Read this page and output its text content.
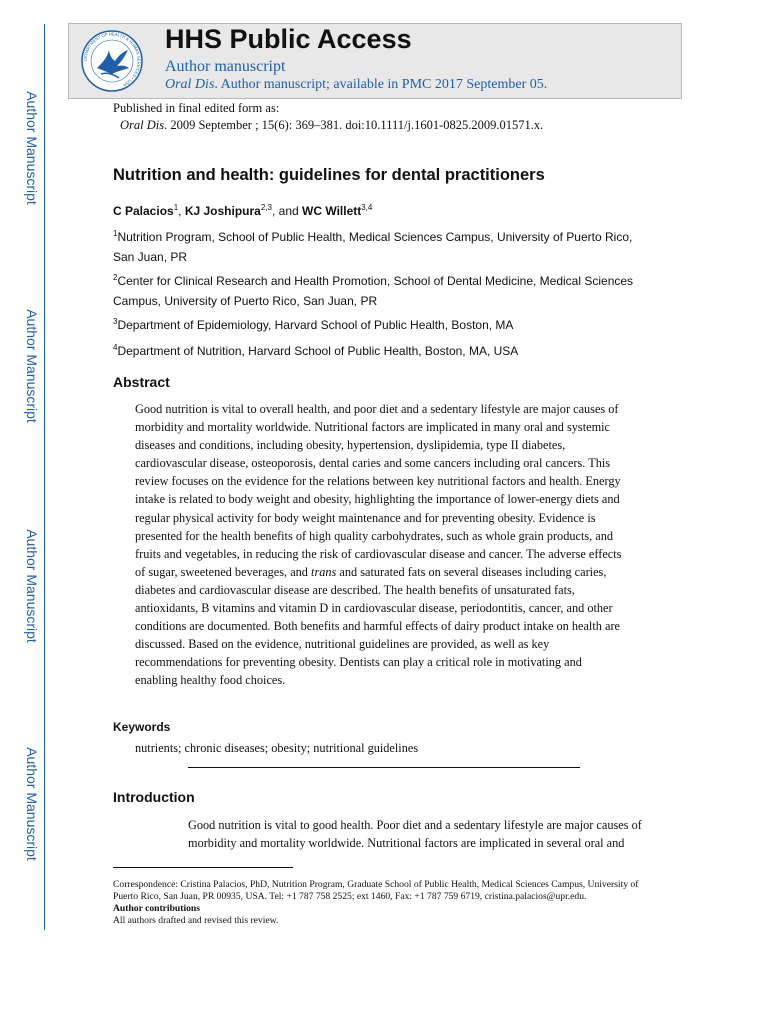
Author Manuscript
Author Manuscript
Author Manuscript
Author Manuscript
DEPARTMENT OF HEALTH & HUMAN SERVICES • USA
HHS Public Access
Author manuscript
Oral Dis. Author manuscript; available in PMC 2017 September 05.
Published in final edited form as:
Oral Dis. 2009 September ; 15(6): 369–381. doi:10.1111/j.1601-0825.2009.01571.x.
Nutrition and health: guidelines for dental practitioners
C Palacios$^1$, KJ Joshipura$^{2,3}$, and WC Willett$^{3,4}$
$^1$Nutrition Program, School of Public Health, Medical Sciences Campus, University of Puerto Rico, San Juan, PR
$^2$Center for Clinical Research and Health Promotion, School of Dental Medicine, Medical Sciences Campus, University of Puerto Rico, San Juan, PR
$^3$Department of Epidemiology, Harvard School of Public Health, Boston, MA
$^4$Department of Nutrition, Harvard School of Public Health, Boston, MA, USA
Abstract
Good nutrition is vital to overall health, and poor diet and a sedentary lifestyle are major causes of
morbidity and mortality worldwide. Nutritional factors are implicated in many oral and systemic
diseases and conditions, including obesity, hypertension, dyslipidemia, type II diabetes,
cardiovascular disease, osteoporosis, dental caries and some cancers including oral cancers. This
review focuses on the evidence for the relations between key nutritional factors and health. Energy
intake is related to body weight and obesity, highlighting the importance of lower-energy diets and
regular physical activity for body weight maintenance and for preventing obesity. Evidence is
presented for the health benefits of high quality carbohydrates, such as whole grain products, and
fruits and vegetables, in reducing the risk of cardiovascular disease and cancer. The adverse effects
of sugar, sweetened beverages, and trans and saturated fats on several diseases including caries,
diabetes and cardiovascular disease are described. The health benefits of unsaturated fats,
antioxidants, B vitamins and vitamin D in cardiovascular disease, periodontitis, cancer, and other
conditions are documented. Both benefits and harmful effects of dairy product intake on health are
discussed. Based on the evidence, nutritional guidelines are provided, as well as key
recommendations for preventing obesity. Dentists can play a critical role in motivating and
enabling healthy food choices.
Keywords
nutrients; chronic diseases; obesity; nutritional guidelines
Introduction
Good nutrition is vital to good health. Poor diet and a sedentary lifestyle are major causes of
morbidity and mortality worldwide. Nutritional factors are implicated in several oral and
Correspondence: Cristina Palacios, PhD, Nutrition Program, Graduate School of Public Health, Medical Sciences Campus, University of Puerto Rico, San Juan, PR 00935, USA. Tel: +1 787 758 2525; ext 1460, Fax: +1 787 759 6719, cristina.palacios@upr.edu.
Author contributions
All authors drafted and revised this review.
